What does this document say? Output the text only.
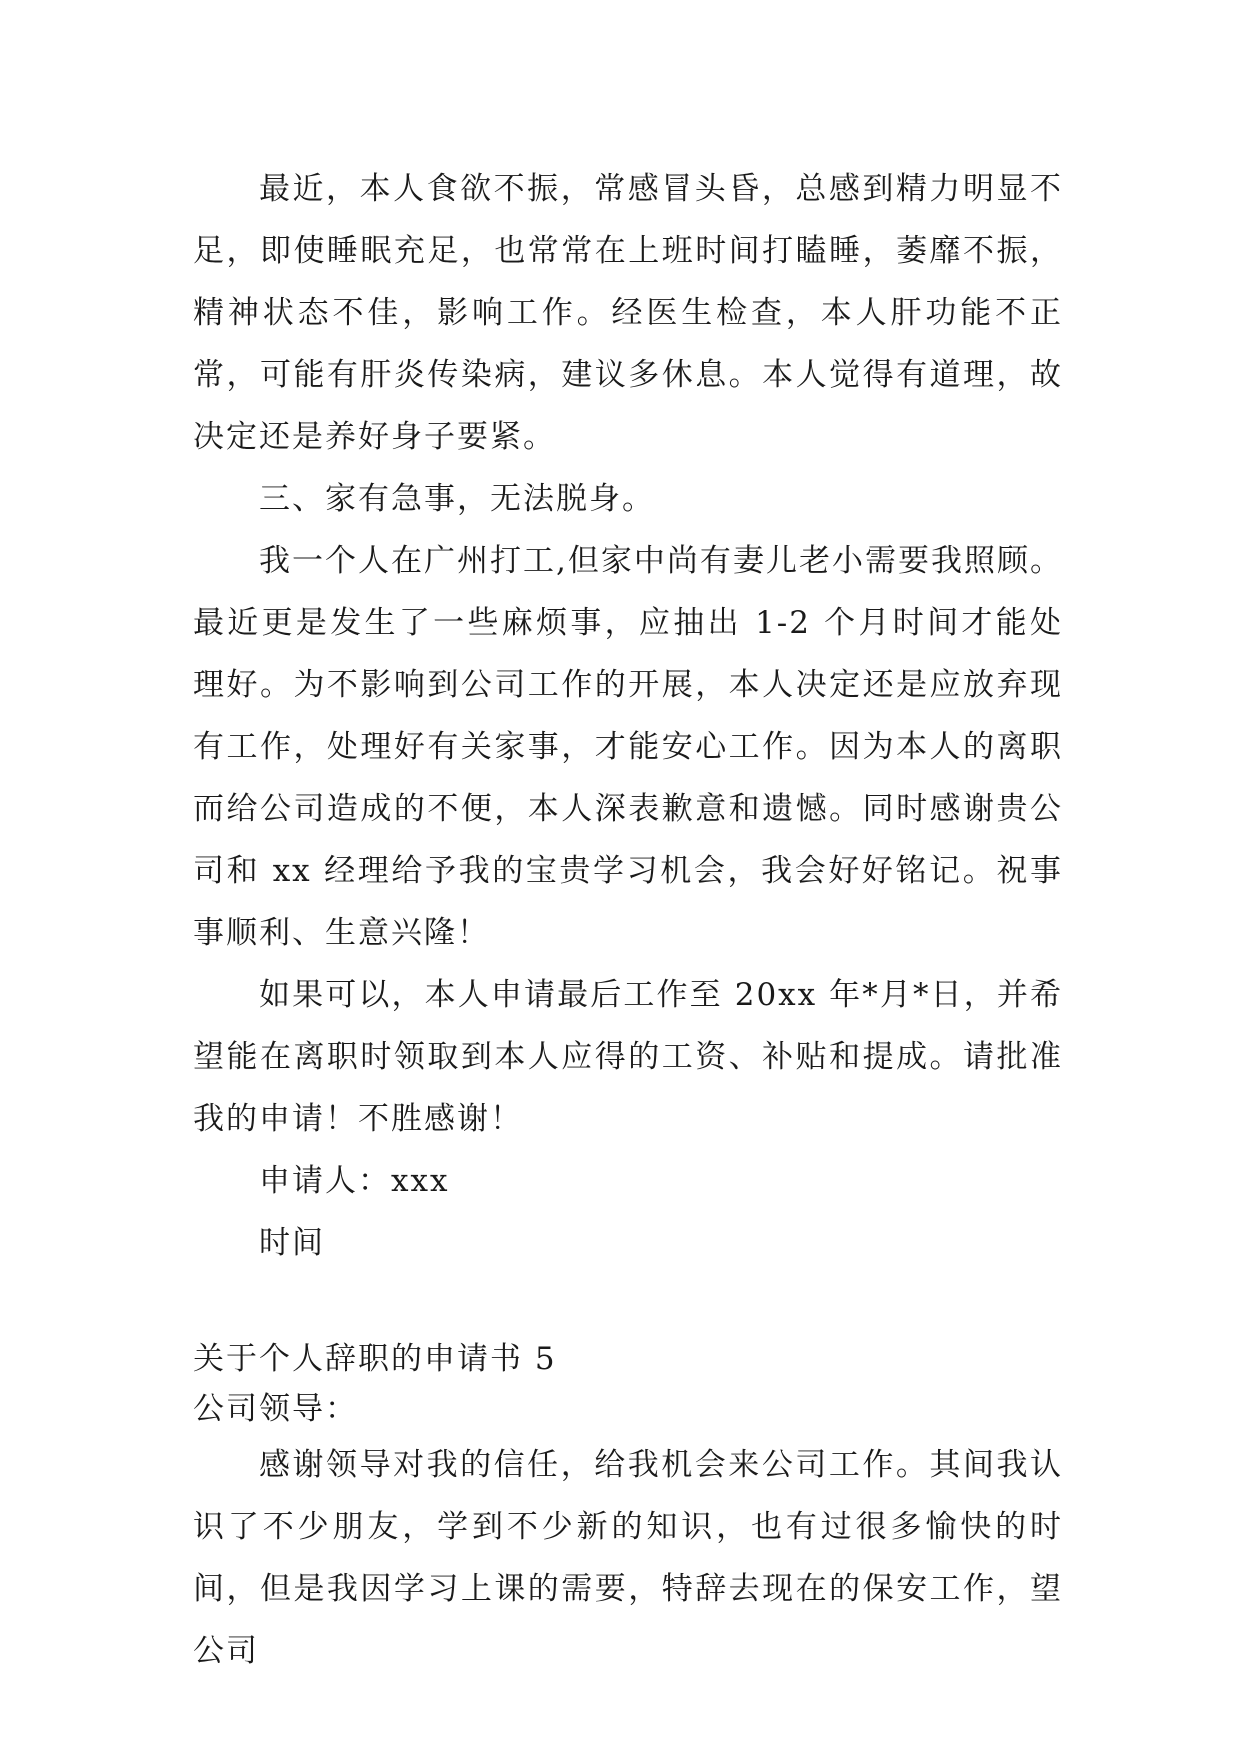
最近，本人食欲不振，常感冒头昏，总感到精力明显不足，即使睡眠充足，也常常在上班时间打瞌睡，萎靡不振，精神状态不佳，影响工作。经医生检查，本人肝功能不正常，可能有肝炎传染病，建议多休息。本人觉得有道理，故决定还是养好身子要紧。

三、家有急事，无法脱身。

我一个人在广州打工,但家中尚有妻儿老小需要我照顾。最近更是发生了一些麻烦事，应抽出 1-2 个月时间才能处理好。为不影响到公司工作的开展，本人决定还是应放弃现有工作，处理好有关家事，才能安心工作。因为本人的离职而给公司造成的不便，本人深表歉意和遗憾。同时感谢贵公司和 xx 经理给予我的宝贵学习机会，我会好好铭记。祝事事顺利、生意兴隆！

如果可以，本人申请最后工作至 20xx 年*月*日，并希望能在离职时领取到本人应得的工资、补贴和提成。请批准我的申请！不胜感谢！

申请人：xxx

时间

关于个人辞职的申请书 5

公司领导：

感谢领导对我的信任，给我机会来公司工作。其间我认识了不少朋友，学到不少新的知识，也有过很多愉快的时间，但是我因学习上课的需要，特辞去现在的保安工作，望公司
